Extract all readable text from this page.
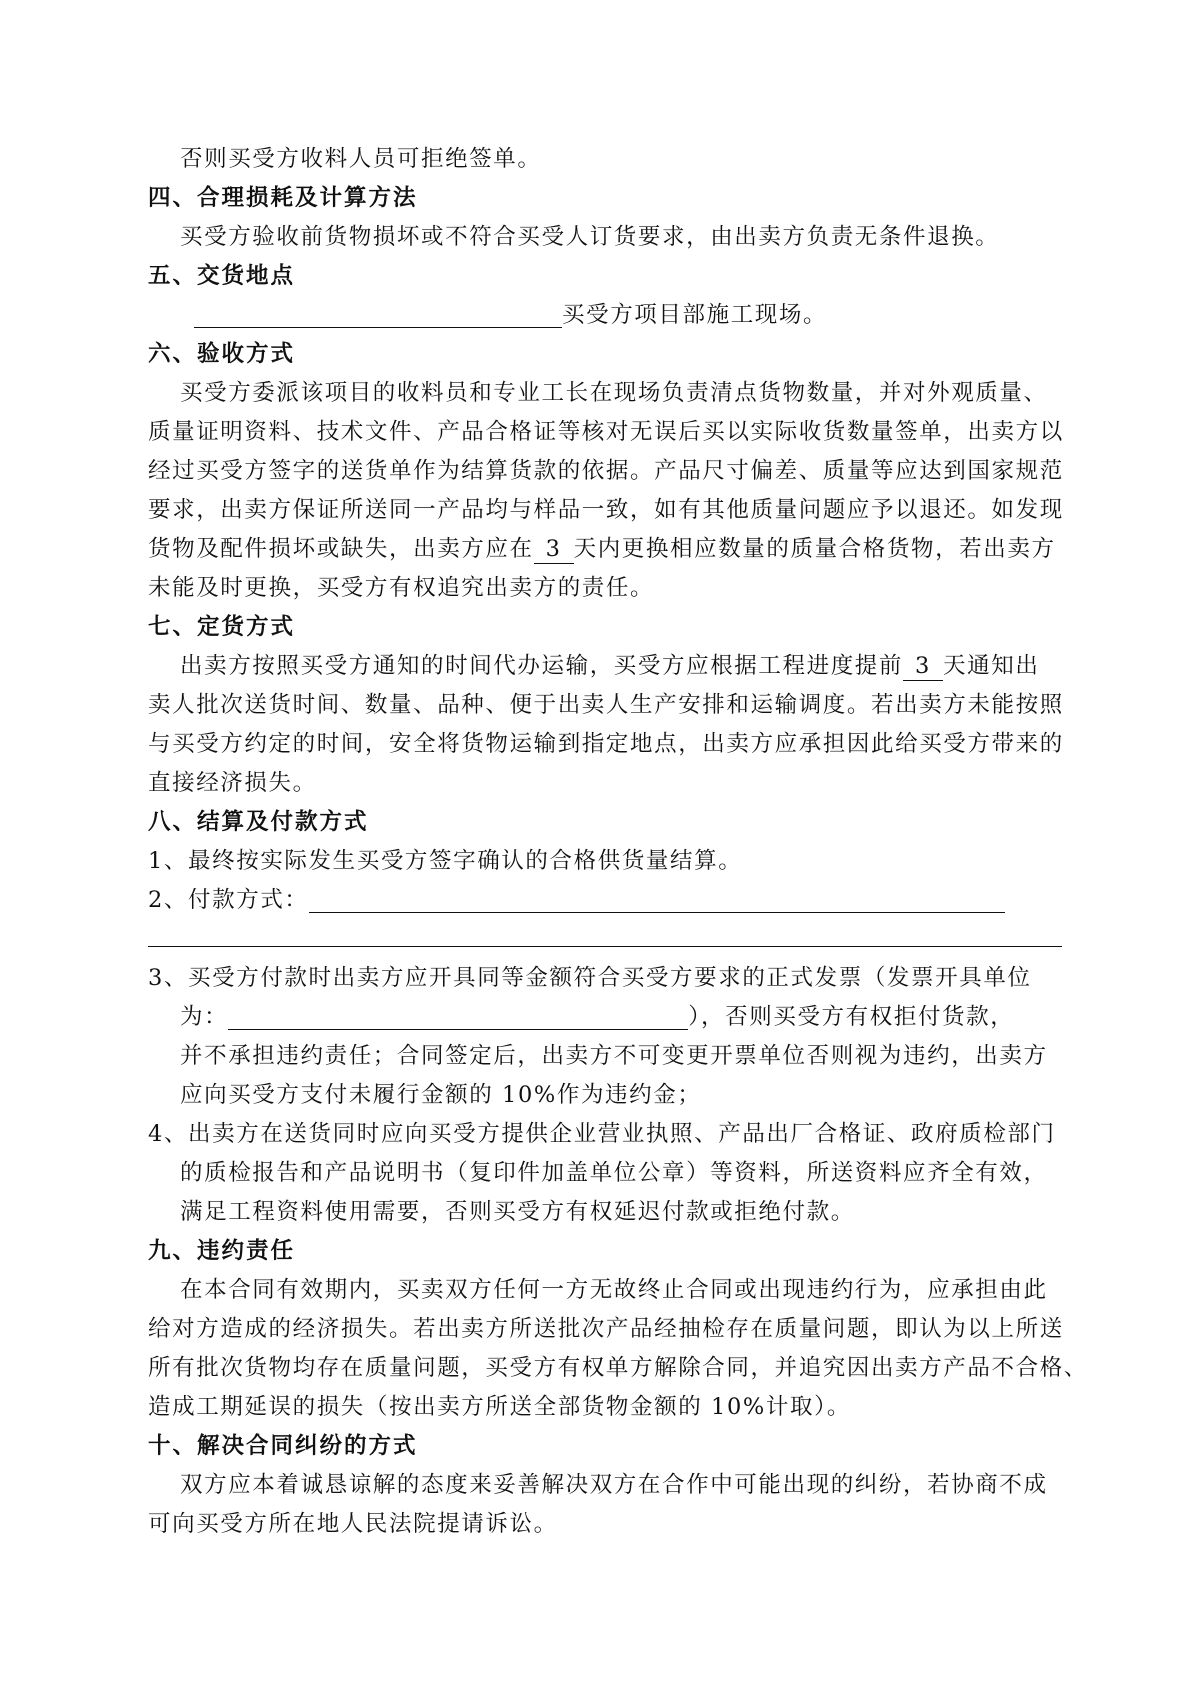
否则买受方收料人员可拒绝签单。
四、合理损耗及计算方法
买受方验收前货物损坏或不符合买受人订货要求，由出卖方负责无条件退换。
五、交货地点
买受方项目部施工现场。
六、验收方式
买受方委派该项目的收料员和专业工长在现场负责清点货物数量，并对外观质量、
质量证明资料、技术文件、产品合格证等核对无误后买以实际收货数量签单，出卖方以
经过买受方签字的送货单作为结算货款的依据。产品尺寸偏差、质量等应达到国家规范
要求，出卖方保证所送同一产品均与样品一致，如有其他质量问题应予以退还。如发现
货物及配件损坏或缺失，出卖方应在 3 天内更换相应数量的质量合格货物，若出卖方
未能及时更换，买受方有权追究出卖方的责任。
七、定货方式
出卖方按照买受方通知的时间代办运输，买受方应根据工程进度提前 3 天通知出
卖人批次送货时间、数量、品种、便于出卖人生产安排和运输调度。若出卖方未能按照
与买受方约定的时间，安全将货物运输到指定地点，出卖方应承担因此给买受方带来的
直接经济损失。
八、结算及付款方式
1、最终按实际发生买受方签字确认的合格供货量结算。
2、付款方式：
3、买受方付款时出卖方应开具同等金额符合买受方要求的正式发票（发票开具单位
为：	），否则买受方有权拒付货款，
并不承担违约责任；合同签定后，出卖方不可变更开票单位否则视为违约，出卖方
应向买受方支付未履行金额的 10%作为违约金；
4、出卖方在送货同时应向买受方提供企业营业执照、产品出厂合格证、政府质检部门
的质检报告和产品说明书（复印件加盖单位公章）等资料，所送资料应齐全有效，
满足工程资料使用需要，否则买受方有权延迟付款或拒绝付款。
九、违约责任
在本合同有效期内，买卖双方任何一方无故终止合同或出现违约行为，应承担由此
给对方造成的经济损失。若出卖方所送批次产品经抽检存在质量问题，即认为以上所送
所有批次货物均存在质量问题，买受方有权单方解除合同，并追究因出卖方产品不合格、
造成工期延误的损失（按出卖方所送全部货物金额的 10%计取）。
十、解决合同纠纷的方式
双方应本着诚恳谅解的态度来妥善解决双方在合作中可能出现的纠纷，若协商不成
可向买受方所在地人民法院提请诉讼。
